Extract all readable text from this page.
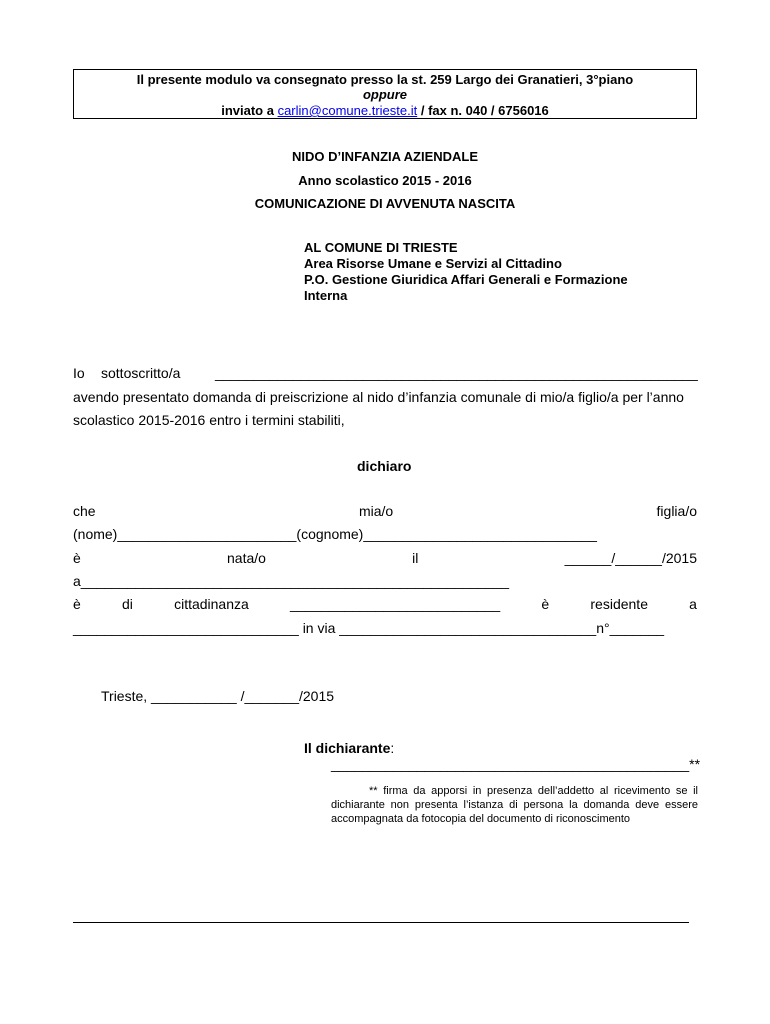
Il presente modulo va consegnato presso la st. 259 Largo dei Granatieri, 3°piano
oppure
inviato a carlin@comune.trieste.it / fax n. 040 / 6756016
NIDO D’INFANZIA AZIENDALE
Anno scolastico 2015 - 2016
COMUNICAZIONE DI AVVENUTA NASCITA
AL COMUNE DI TRIESTE
Area Risorse Umane e Servizi al Cittadino
P.O. Gestione Giuridica Affari Generali e Formazione
Interna
Io sottoscritto/a ______________________________________________________________
avendo presentato domanda di preiscrizione al nido d’infanzia comunale di mio/a figlio/a per l’anno
scolastico 2015-2016 entro i termini stabiliti,
dichiaro
che	mia/o	figlia/o
(nome)_______________________(cognome)______________________________
è	nata/o	il	______/______/2015
a_______________________________________________________
è	di	cittadinanza	___________________________	è	residente	a
_____________________________ in via _________________________________n°_______
Trieste, ___________ /_______/2015
Il dichiarante:
______________________________________________**
** firma da apporsi in presenza dell’addetto al ricevimento se il dichiarante non presenta l’istanza di persona la domanda deve essere accompagnata da fotocopia del documento di riconoscimento
